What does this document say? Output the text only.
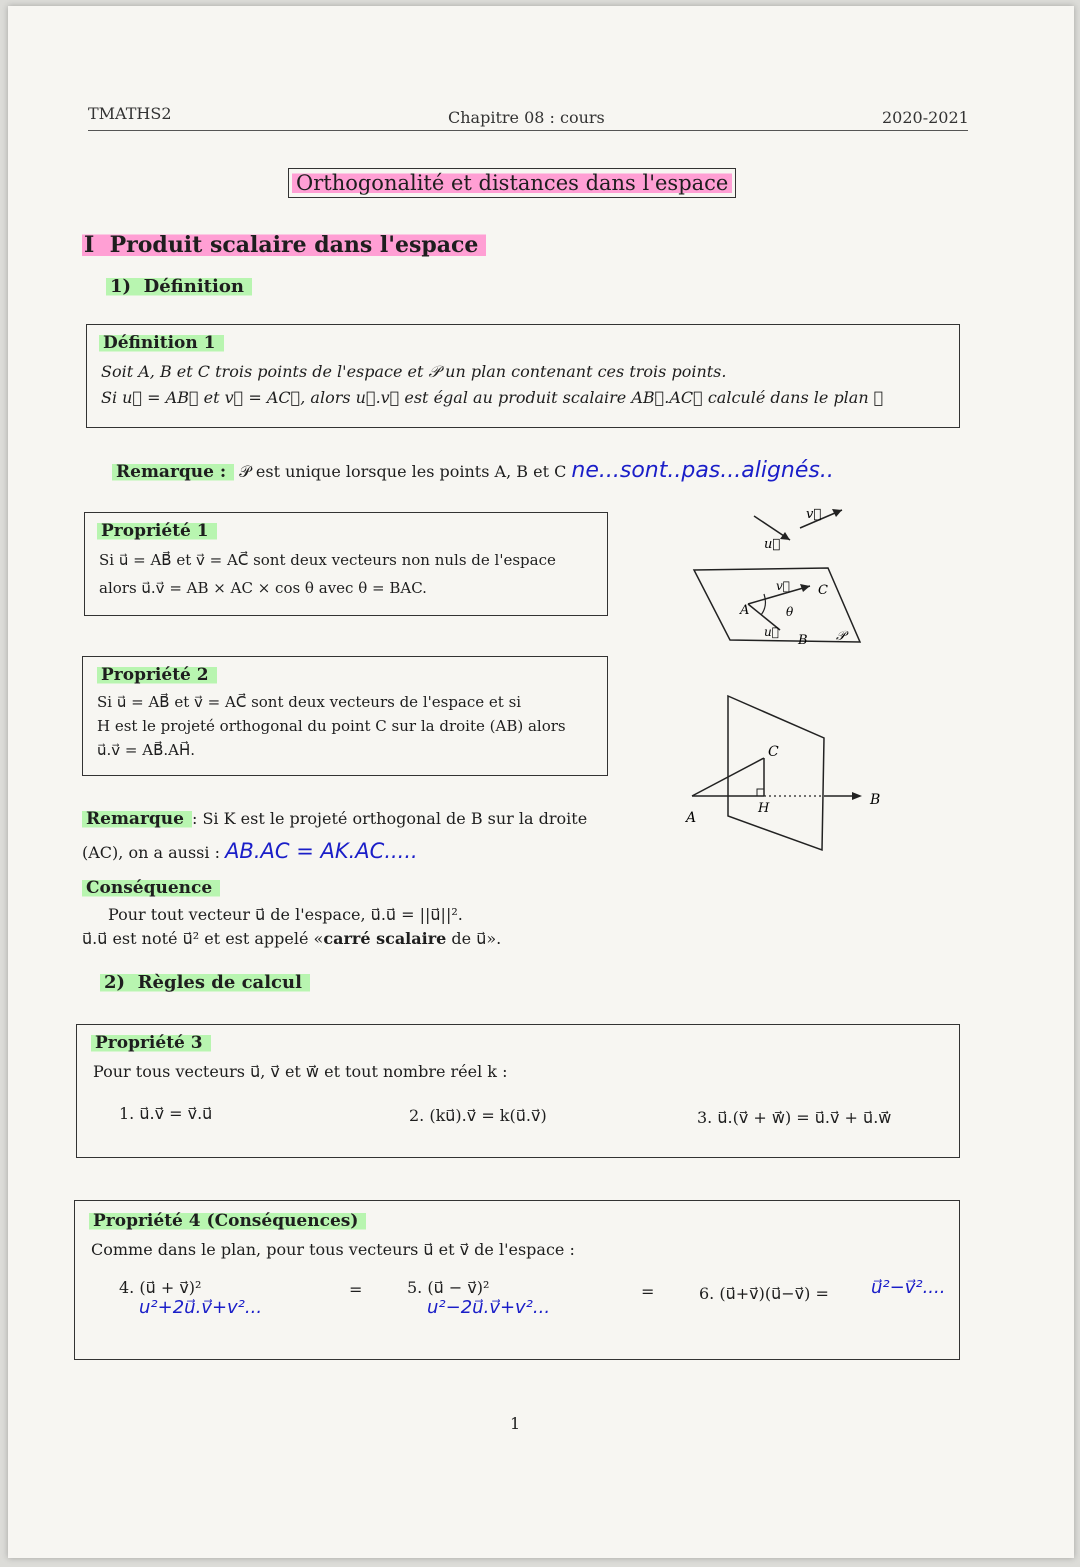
TMATHS2	Chapitre 08 : cours	2020-2021
Orthogonalité et distances dans l'espace
I Produit scalaire dans l'espace
1) Définition
Définition 1
Soit A, B et C trois points de l'espace et 𝒫 un plan contenant ces trois points.
Si u⃗ = AB⃗ et v⃗ = AC⃗, alors u⃗.v⃗ est égal au produit scalaire AB⃗.AC⃗ calculé dans le plan 𝒫
Remarque : 𝒫 est unique lorsque les points A, B et C ne...sont..pas...alignés..
Propriété 1
Si u⃗ = AB⃗ et v⃗ = AC⃗ sont deux vecteurs non nuls de l'espace
alors u⃗.v⃗ = AB × AC × cos θ avec θ = BAC.
u⃗
v⃗
v⃗
u⃗
A
B
C
θ
𝒫
Propriété 2
Si u⃗ = AB⃗ et v⃗ = AC⃗ sont deux vecteurs de l'espace et si
H est le projeté orthogonal du point C sur la droite (AB) alors
u⃗.v⃗ = AB⃗.AH⃗.
A
B
C
H
Remarque : Si K est le projeté orthogonal de B sur la droite
(AC), on a aussi : AB.AC = AK.AC.....
Conséquence
Pour tout vecteur u⃗ de l'espace, u⃗.u⃗ = ||u⃗||².
u⃗.u⃗ est noté u⃗² et est appelé «carré scalaire de u⃗».
2) Règles de calcul
Propriété 3
Pour tous vecteurs u⃗, v⃗ et w⃗ et tout nombre réel k :
1. u⃗.v⃗ = v⃗.u⃗	2. (ku⃗).v⃗ = k(u⃗.v⃗)	3. u⃗.(v⃗ + w⃗) = u⃗.v⃗ + u⃗.w⃗
Propriété 4 (Conséquences)
Comme dans le plan, pour tous vecteurs u⃗ et v⃗ de l'espace :
4. (u⃗ + v⃗)²
u²+2u⃗.v⃗+v²...
=	5. (u⃗ − v⃗)²
u²−2u⃗.v⃗+v²...
=	6. (u⃗+v⃗)(u⃗−v⃗) = u⃗²−v⃗²....
1
